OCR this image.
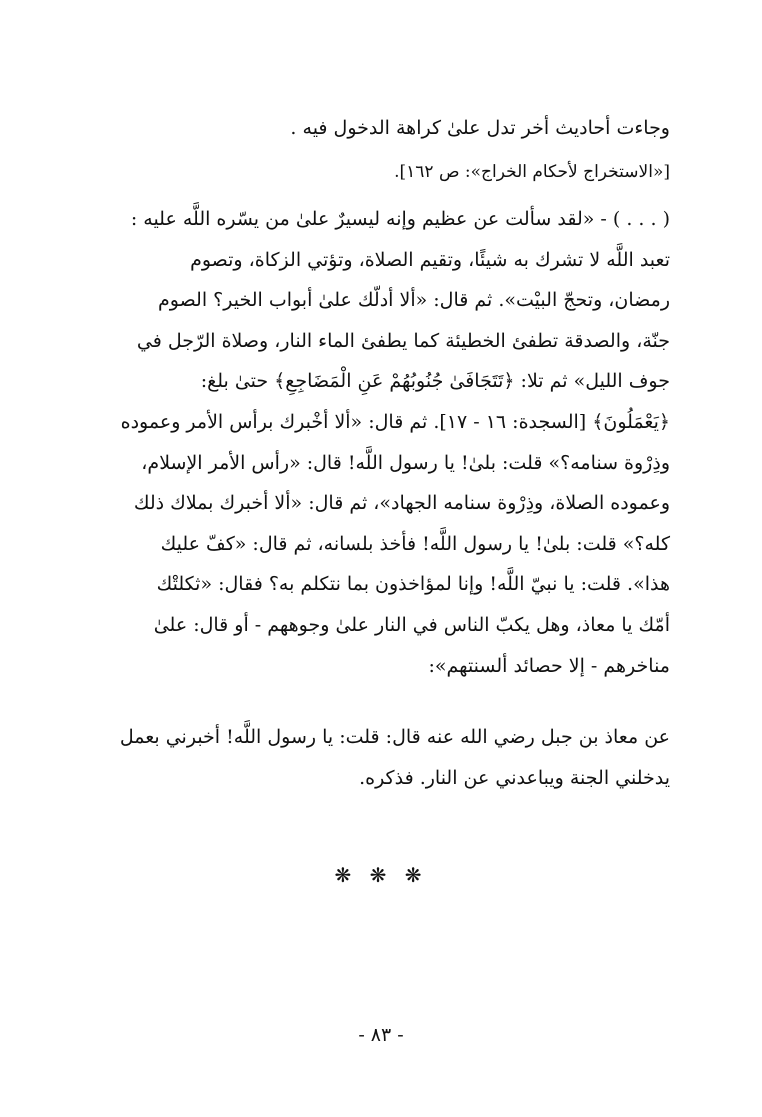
وجاءت أحاديث أخر تدل علىٰ كراهة الدخول فيه .

[«الاستخراج لأحكام الخراج»: ص ١٦٢].

( . . . ) - «لقد سألت عن عظيم وإنه ليسيرٌ علىٰ من يسّره اللَّه عليه :
تعبد اللَّه لا تشرك به شيئًا، وتقيم الصلاة، وتؤتي الزكاة، وتصوم
رمضان، وتحجّ البيْت». ثم قال: «ألا أدلّك علىٰ أبواب الخير؟ الصوم
جنّة، والصدقة تطفئ الخطيئة كما يطفئ الماء النار، وصلاة الرّجل في
جوف الليل» ثم تلا: ﴿تَتَجَافَىٰ جُنُوبُهُمْ عَنِ الْمَضَاجِعِ﴾ حتىٰ بلغ:
﴿يَعْمَلُونَ﴾ [السجدة: ١٦ - ١٧]. ثم قال: «ألا أخْبرك برأس الأمر وعموده
وذِرْوة سنامه؟» قلت: بلىٰ! يا رسول اللَّه! قال: «رأس الأمر الإسلام،
وعموده الصلاة، وذِرْوة سنامه الجهاد»، ثم قال: «ألا أخبرك بملاك ذلك
كله؟» قلت: بلىٰ! يا رسول اللَّه! فأخذ بلسانه، ثم قال: «كفّ عليك
هذا». قلت: يا نبيّ اللَّه! وإنا لمؤاخذون بما نتكلم به؟ فقال: «ثكلتْك
أمّك يا معاذ، وهل يكبّ الناس في النار علىٰ وجوههم - أو قال: علىٰ
مناخرهم - إلا حصائد ألسنتهم»:

عن معاذ بن جبل رضي الله عنه قال: قلت: يا رسول اللَّه! أخبرني بعمل
يدخلني الجنة ويباعدني عن النار. فذكره.

❋ ❋ ❋

- ٨٣ -
